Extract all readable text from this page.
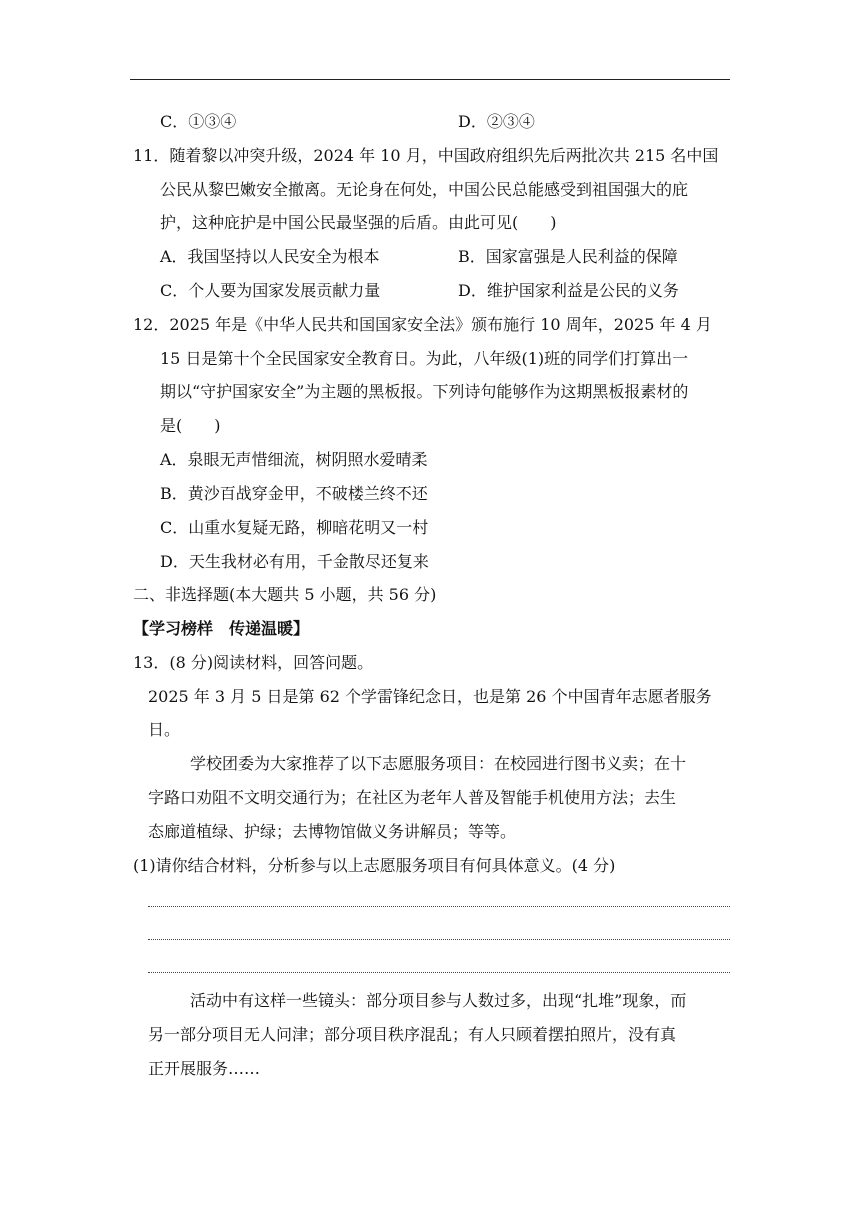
C．①③④	D．②③④
11．随着黎以冲突升级，2024 年 10 月，中国政府组织先后两批次共 215 名中国
公民从黎巴嫩安全撤离。无论身在何处，中国公民总能感受到祖国强大的庇
护，这种庇护是中国公民最坚强的后盾。由此可见(　　)
A．我国坚持以人民安全为根本	B．国家富强是人民利益的保障
C．个人要为国家发展贡献力量	D．维护国家利益是公民的义务
12．2025 年是《中华人民共和国国家安全法》颁布施行 10 周年，2025 年 4 月
15 日是第十个全民国家安全教育日。为此，八年级(1)班的同学们打算出一
期以“守护国家安全”为主题的黑板报。下列诗句能够作为这期黑板报素材的
是(　　)
A．泉眼无声惜细流，树阴照水爱晴柔
B．黄沙百战穿金甲，不破楼兰终不还
C．山重水复疑无路，柳暗花明又一村
D．天生我材必有用，千金散尽还复来
二、非选择题(本大题共 5 小题，共 56 分)
【学习榜样　传递温暖】
13．(8 分)阅读材料，回答问题。
2025 年 3 月 5 日是第 62 个学雷锋纪念日，也是第 26 个中国青年志愿者服务
日。
学校团委为大家推荐了以下志愿服务项目：在校园进行图书义卖；在十
字路口劝阻不文明交通行为；在社区为老年人普及智能手机使用方法；去生
态廊道植绿、护绿；去博物馆做义务讲解员；等等。
(1)请你结合材料，分析参与以上志愿服务项目有何具体意义。(4 分)
活动中有这样一些镜头：部分项目参与人数过多，出现“扎堆”现象，而
另一部分项目无人问津；部分项目秩序混乱；有人只顾着摆拍照片，没有真
正开展服务……
